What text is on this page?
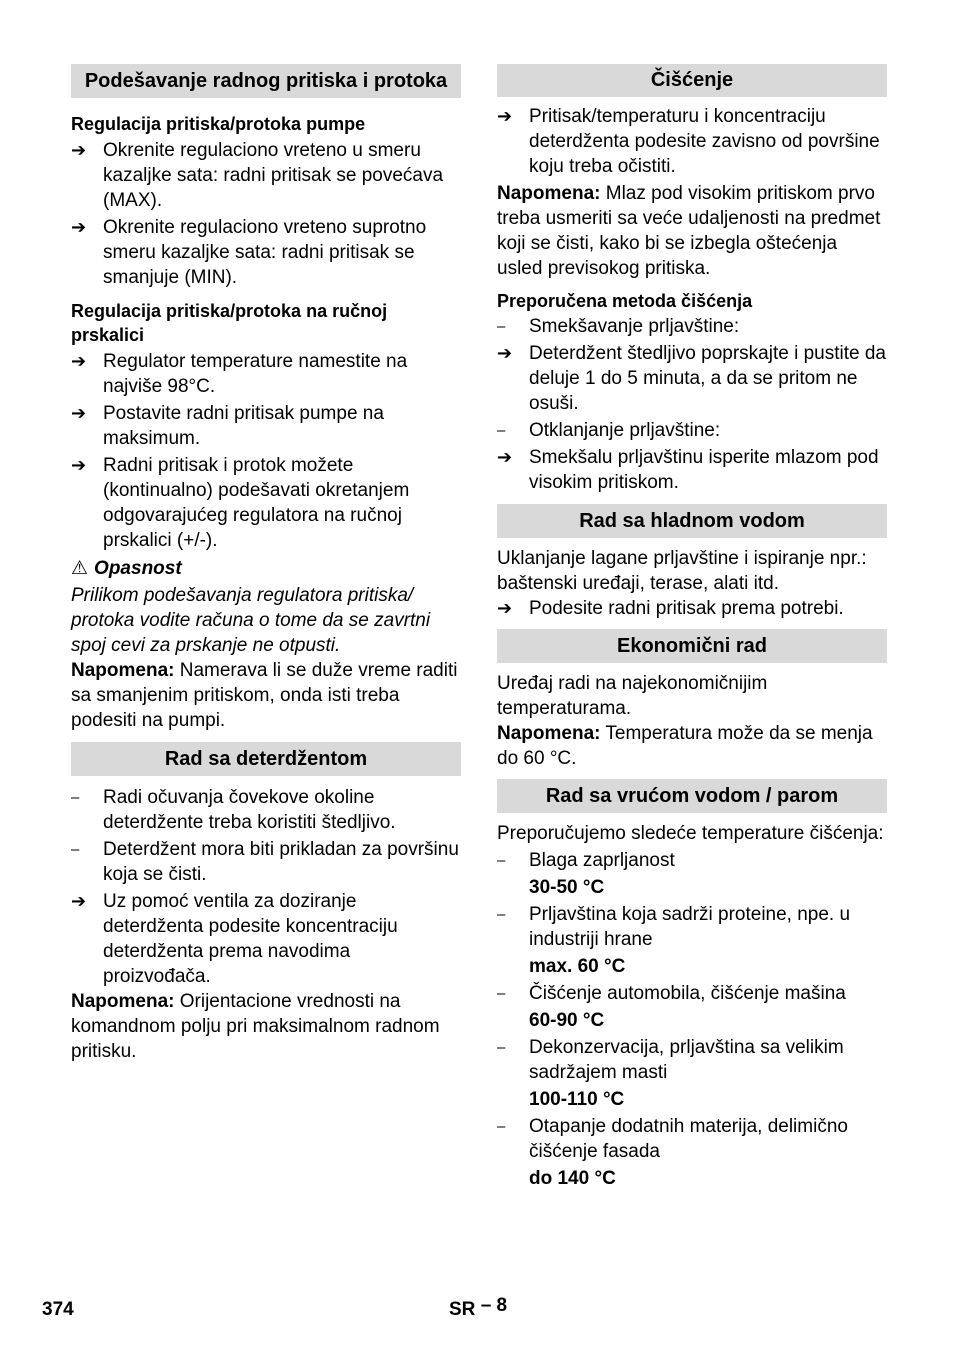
Podešavanje radnog pritiska i protoka
Regulacija pritiska/protoka pumpe
➔ Okrenite regulaciono vreteno u smeru kazaljke sata: radni pritisak se povećava (MAX).
➔ Okrenite regulaciono vreteno suprotno smeru kazaljke sata: radni pritisak se smanjuje (MIN).
Regulacija pritiska/protoka na ručnoj prskalici
➔ Regulator temperature namestite na najviše 98°C.
➔ Postavite radni pritisak pumpe na maksimum.
➔ Radni pritisak i protok možete (kontinualno) podešavati okretanjem odgovarajućeg regulatora na ručnoj prskalici (+/-).
⚠ Opasnost
Prilikom podešavanja regulatora pritiska/ protoka vodite računa o tome da se zavrtni spoj cevi za prskanje ne otpusti.
Napomena: Namerava li se duže vreme raditi sa smanjenim pritiskom, onda isti treba podesiti na pumpi.
Rad sa deterdžentom
–	Radi očuvanja čovekove okoline deterdžente treba koristiti štedljivo.
–	Deterdžent mora biti prikladan za površinu koja se čisti.
➔ Uz pomoć ventila za doziranje deterdženta podesite koncentraciju deterdženta prema navodima proizvođača.
Napomena: Orijentacione vrednosti na komandnom polju pri maksimalnom radnom pritisku.
Čišćenje
➔ Pritisak/temperaturu i koncentraciju deterdženta podesite zavisno od površine koju treba očistiti.
Napomena: Mlaz pod visokim pritiskom prvo treba usmeriti sa veće udaljenosti na predmet koji se čisti, kako bi se izbegla oštećenja usled previsokog pritiska.
Preporučena metoda čišćenja
–	Smekšavanje prljavštine:
➔ Deterdžent štedljivo poprskajte i pustite da deluje 1 do 5 minuta, a da se pritom ne osuši.
–	Otklanjanje prljavštine:
➔ Smekšalu prljavštinu isperite mlazom pod visokim pritiskom.
Rad sa hladnom vodom
Uklanjanje lagane prljavštine i ispiranje npr.: baštenski uređaji, terase, alati itd.
➔ Podesite radni pritisak prema potrebi.
Ekonomični rad
Uređaj radi na najekonomičnijim temperaturama.
Napomena: Temperatura može da se menja do 60 °C.
Rad sa vrućom vodom / parom
Preporučujemo sledeće temperature čišćenja:
–	Blaga zaprljanost
30-50 °C
–	Prljavština koja sadrži proteine, npe. u industriji hrane
max. 60 °C
–	Čišćenje automobila, čišćenje mašina
60-90 °C
–	Dekonzervacija, prljavština sa velikim sadržajem masti
100-110 °C
–	Otapanje dodatnih materija, delimično čišćenje fasada
do 140 °C
374	SR – 8
